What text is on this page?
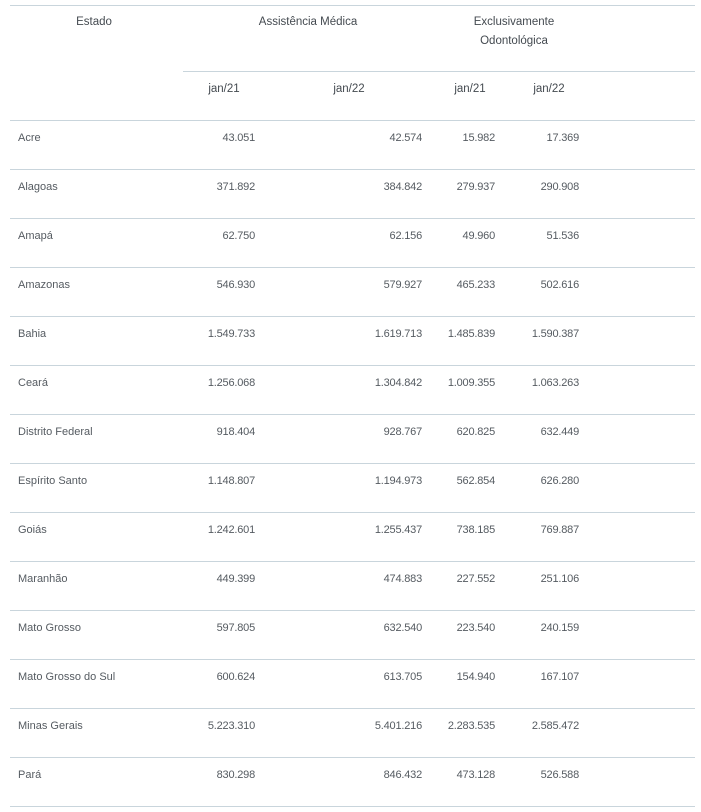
Estado	Assistência Médica	Exclusivamente
Odontológica
jan/21	jan/22	jan/21	jan/22
Acre	43.051	42.574	15.982	17.369
Alagoas	371.892	384.842	279.937	290.908
Amapá	62.750	62.156	49.960	51.536
Amazonas	546.930	579.927	465.233	502.616
Bahia	1.549.733	1.619.713	1.485.839	1.590.387
Ceará	1.256.068	1.304.842	1.009.355	1.063.263
Distrito Federal	918.404	928.767	620.825	632.449
Espírito Santo	1.148.807	1.194.973	562.854	626.280
Goiás	1.242.601	1.255.437	738.185	769.887
Maranhão	449.399	474.883	227.552	251.106
Mato Grosso	597.805	632.540	223.540	240.159
Mato Grosso do Sul	600.624	613.705	154.940	167.107
Minas Gerais	5.223.310	5.401.216	2.283.535	2.585.472
Pará	830.298	846.432	473.128	526.588
